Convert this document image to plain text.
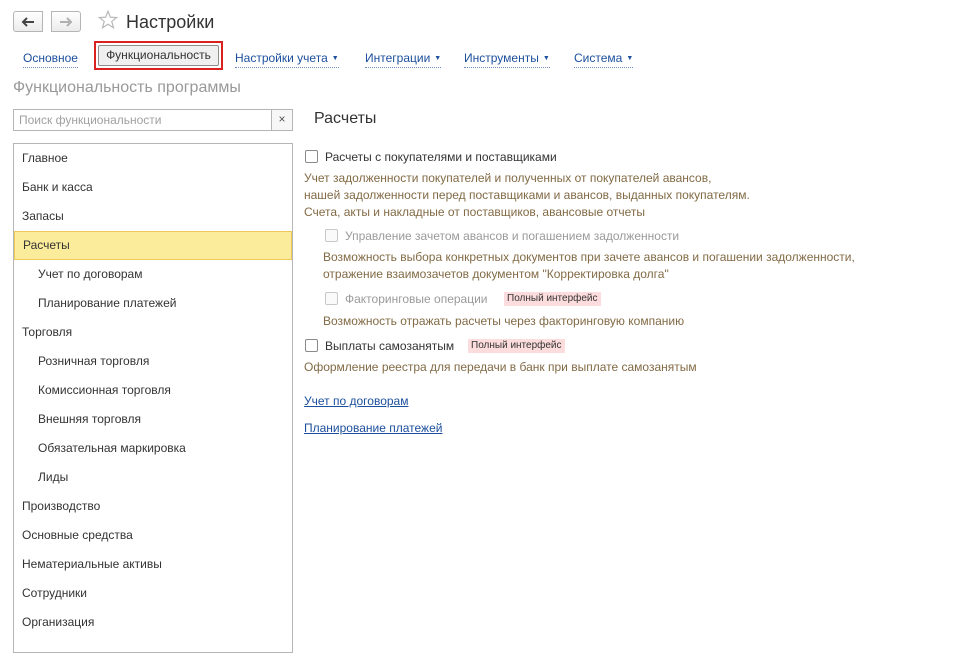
Настройки
Основное	Настройки учета ▼ Интеграции ▼ Инструменты ▼ Система ▼
Функциональность
Функциональность программы
Поиск функциональности
×
Главное
Банк и касса
Запасы
Расчеты
Учет по договорам
Планирование платежей
Торговля
Розничная торговля
Комиссионная торговля
Внешняя торговля
Обязательная маркировка
Лиды
Производство
Основные средства
Нематериальные активы
Сотрудники
Организация
Расчеты
Расчеты с покупателями и поставщиками
Учет задолженности покупателей и полученных от покупателей авансов,
нашей задолженности перед поставщиками и авансов, выданных покупателям.
Счета, акты и накладные от поставщиков, авансовые отчеты
Управление зачетом авансов и погашением задолженности
Возможность выбора конкретных документов при зачете авансов и погашении задолженности,
отражение взаимозачетов документом "Корректировка долга"
Факторинговые операции	Полный интерфейс
Возможность отражать расчеты через факторинговую компанию
Выплаты самозанятым	Полный интерфейс
Оформление реестра для передачи в банк при выплате самозанятым
Учет по договорам
Планирование платежей
